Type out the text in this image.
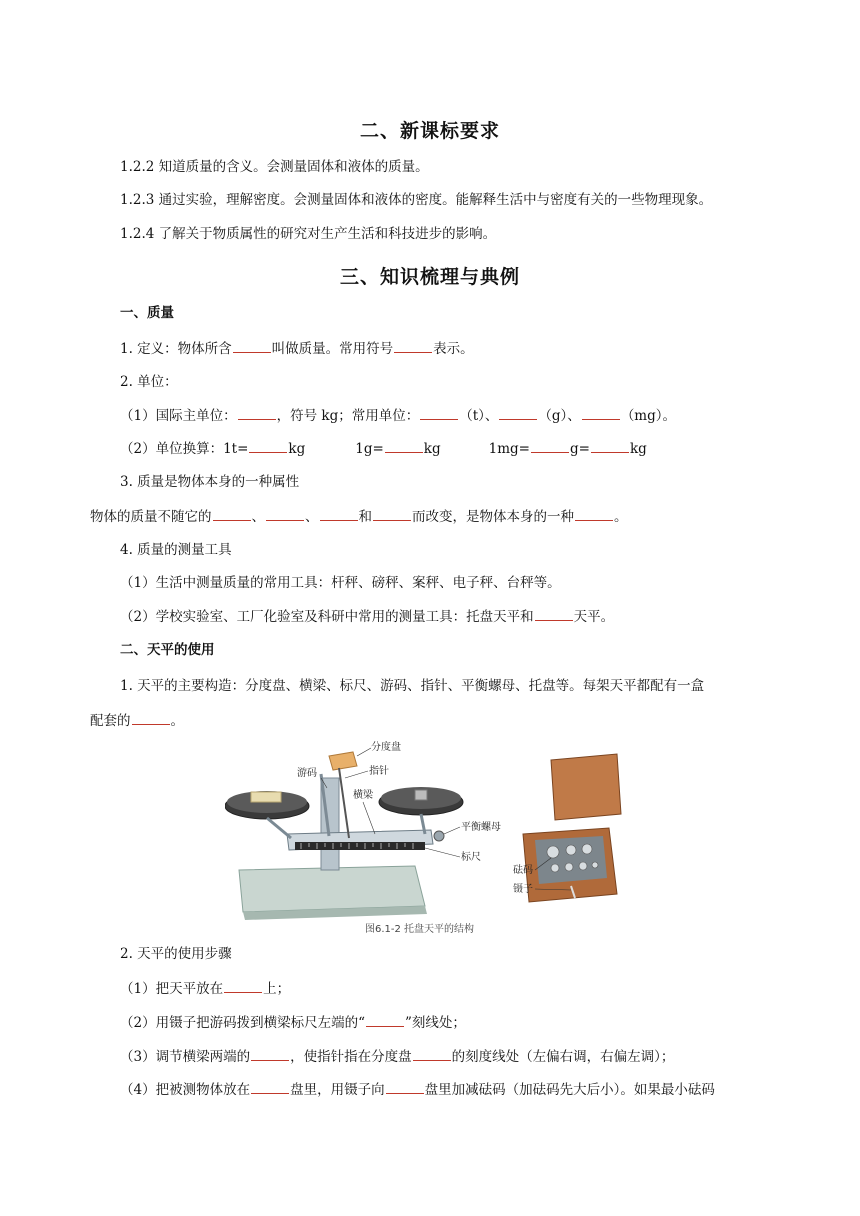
二、新课标要求
1.2.2 知道质量的含义。会测量固体和液体的质量。
1.2.3 通过实验，理解密度。会测量固体和液体的密度。能解释生活中与密度有关的一些物理现象。
1.2.4 了解关于物质属性的研究对生产生活和科技进步的影响。
三、知识梳理与典例
一、质量
1. 定义：物体所含	叫做质量。常用符号	表示。
2. 单位：
（1）国际主单位：	，符号 kg；常用单位：	（t）、	（g）、	（mg）。
（2）单位换算：1t=	kg	1g=	kg	1mg=	g=	kg
3. 质量是物体本身的一种属性
物体的质量不随它的	、	、	和	而改变，是物体本身的一种	。
4. 质量的测量工具
（1）生活中测量质量的常用工具：杆秤、磅秤、案秤、电子秤、台秤等。
（2）学校实验室、工厂化验室及科研中常用的测量工具：托盘天平和	天平。
二、天平的使用
1. 天平的主要构造：分度盘、横梁、标尺、游码、指针、平衡螺母、托盘等。每架天平都配有一盒
配套的	。
分度盘
指针
游码
横梁
平衡螺母
标尺
砝码
镊子
图6.1-2 托盘天平的结构
2. 天平的使用步骤
（1）把天平放在	上；
（2）用镊子把游码拨到横梁标尺左端的“	”刻线处；
（3）调节横梁两端的	，使指针指在分度盘	的刻度线处（左偏右调，右偏左调）；
（4）把被测物体放在	盘里，用镊子向	盘里加减砝码（加砝码先大后小）。如果最小砝码
